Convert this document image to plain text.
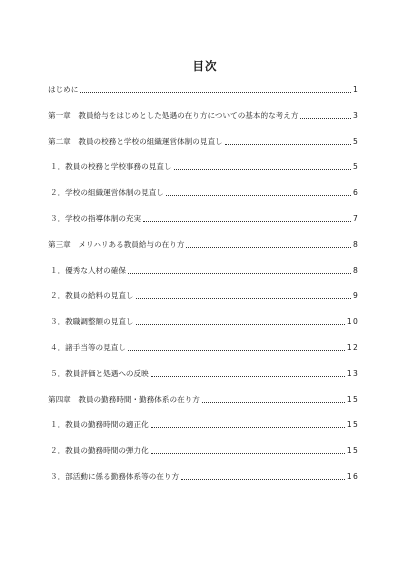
目次
はじめに	1
第一章　教員給与をはじめとした処遇の在り方についての基本的な考え方	3
第二章　教員の校務と学校の組織運営体制の見直し	5
１．教員の校務と学校事務の見直し	5
２．学校の組織運営体制の見直し	6
３．学校の指導体制の充実	7
第三章　メリハリある教員給与の在り方	8
１．優秀な人材の確保	8
２．教員の給料の見直し	9
３．教職調整額の見直し	10
４．諸手当等の見直し	12
５．教員評価と処遇への反映	13
第四章　教員の勤務時間・勤務体系の在り方	15
１．教員の勤務時間の適正化	15
２．教員の勤務時間の弾力化	15
３．部活動に係る勤務体系等の在り方	16
